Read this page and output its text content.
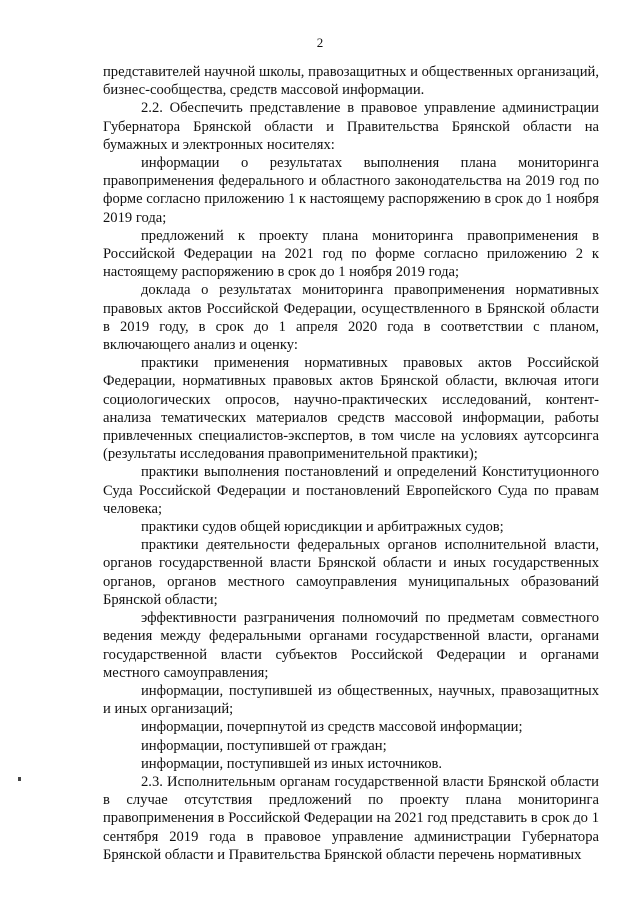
2

представителей научной школы, правозащитных и общественных организаций, бизнес-сообщества, средств массовой информации.

2.2. Обеспечить представление в правовое управление администрации Губернатора Брянской области и Правительства Брянской области на бумажных и электронных носителях:

информации о результатах выполнения плана мониторинга правоприменения федерального и областного законодательства на 2019 год по форме согласно приложению 1 к настоящему распоряжению в срок до 1 ноября 2019 года;

предложений к проекту плана мониторинга правоприменения в Российской Федерации на 2021 год по форме согласно приложению 2 к настоящему распоряжению в срок до 1 ноября 2019 года;

доклада о результатах мониторинга правоприменения нормативных правовых актов Российской Федерации, осуществленного в Брянской области в 2019 году, в срок до 1 апреля 2020 года в соответствии с планом, включающего анализ и оценку:

практики применения нормативных правовых актов Российской Федерации, нормативных правовых актов Брянской области, включая итоги социологических опросов, научно-практических исследований, контент-анализа тематических материалов средств массовой информации, работы привлеченных специалистов-экспертов, в том числе на условиях аутсорсинга (результаты исследования правоприменительной практики);

практики выполнения постановлений и определений Конституционного Суда Российской Федерации и постановлений Европейского Суда по правам человека;

практики судов общей юрисдикции и арбитражных судов;

практики деятельности федеральных органов исполнительной власти, органов государственной власти Брянской области и иных государственных органов, органов местного самоуправления муниципальных образований Брянской области;

эффективности разграничения полномочий по предметам совместного ведения между федеральными органами государственной власти, органами государственной власти субъектов Российской Федерации и органами местного самоуправления;

информации, поступившей из общественных, научных, правозащитных и иных организаций;

информации, почерпнутой из средств массовой информации;

информации, поступившей от граждан;

информации, поступившей из иных источников.

2.3. Исполнительным органам государственной власти Брянской области в случае отсутствия предложений по проекту плана мониторинга правоприменения в Российской Федерации на 2021 год представить в срок до 1 сентября 2019 года в правовое управление администрации Губернатора Брянской области и Правительства Брянской области перечень нормативных
